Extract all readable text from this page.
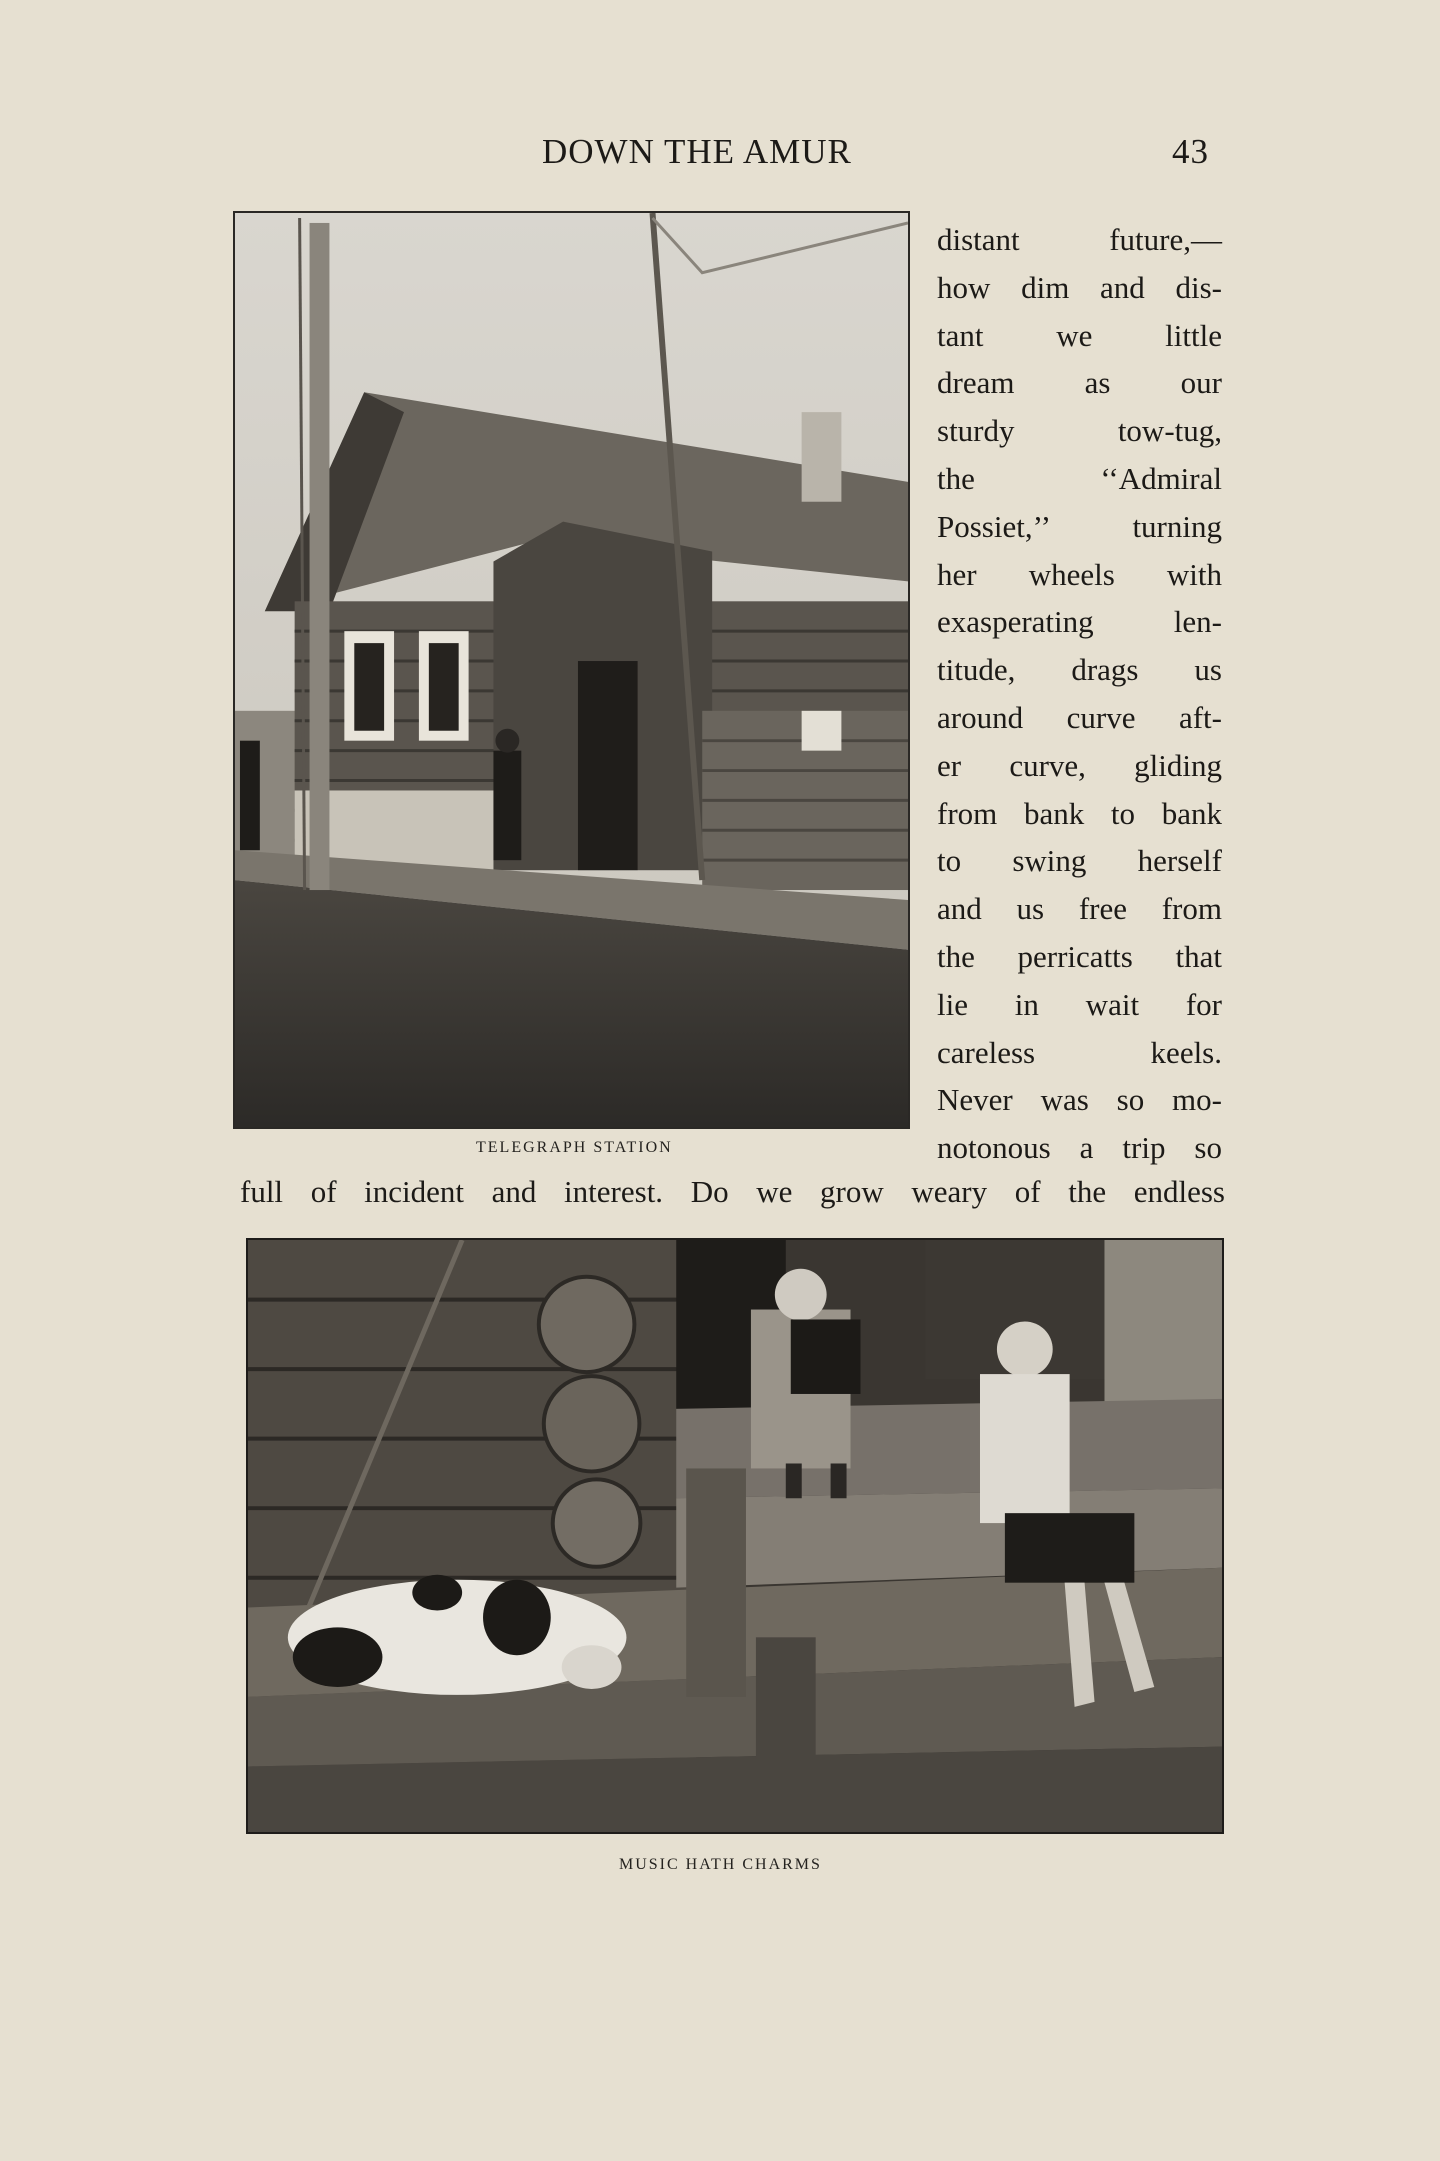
DOWN THE AMUR	43
TELEGRAPH STATION
distant future,—
how dim and dis-
tant we little
dream as our
sturdy tow-tug,
the ‘‘Admiral
Possiet,’’ turning
her wheels with
exasperating len-
titude, drags us
around curve aft-
er curve, gliding
from bank to bank
to swing herself
and us free from
the perricatts that
lie in wait for
careless keels.
Never was so mo-
notonous a trip so
full of incident and interest. Do we grow weary of the endless
MUSIC HATH CHARMS
